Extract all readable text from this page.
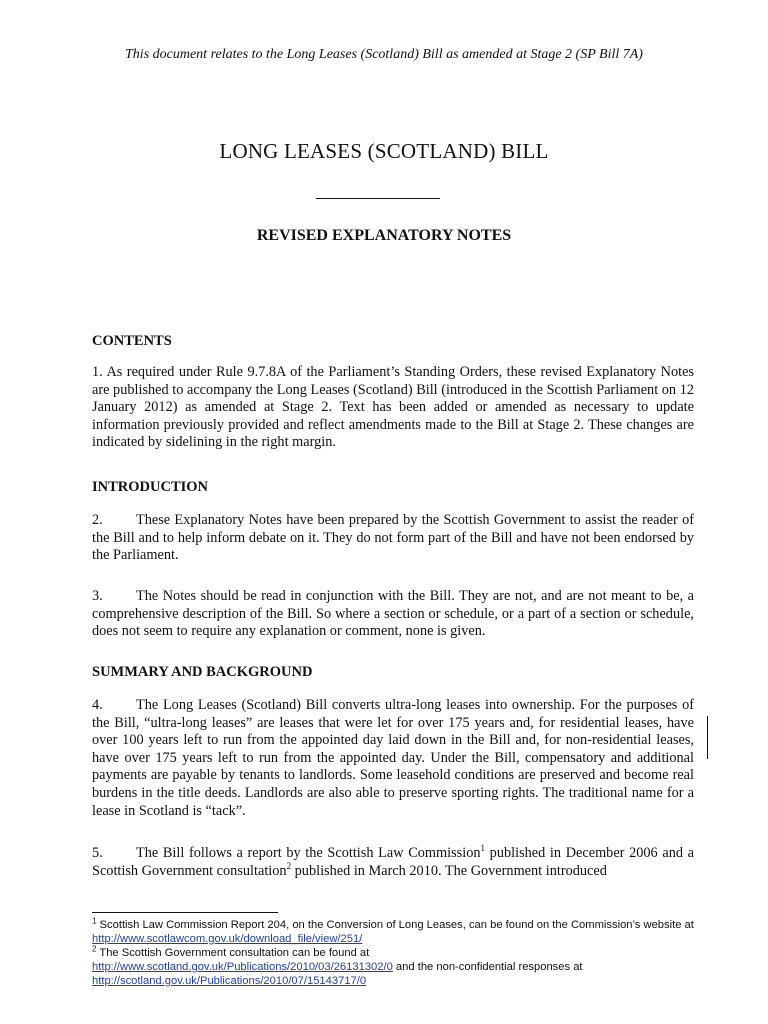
This document relates to the Long Leases (Scotland) Bill as amended at Stage 2 (SP Bill 7A)
LONG LEASES (SCOTLAND) BILL
REVISED EXPLANATORY NOTES
CONTENTS
1. As required under Rule 9.7.8A of the Parliament’s Standing Orders, these revised Explanatory Notes are published to accompany the Long Leases (Scotland) Bill (introduced in the Scottish Parliament on 12 January 2012) as amended at Stage 2. Text has been added or amended as necessary to update information previously provided and reflect amendments made to the Bill at Stage 2. These changes are indicated by sidelining in the right margin.
INTRODUCTION
2. These Explanatory Notes have been prepared by the Scottish Government to assist the reader of the Bill and to help inform debate on it. They do not form part of the Bill and have not been endorsed by the Parliament.
3. The Notes should be read in conjunction with the Bill. They are not, and are not meant to be, a comprehensive description of the Bill. So where a section or schedule, or a part of a section or schedule, does not seem to require any explanation or comment, none is given.
SUMMARY AND BACKGROUND
4. The Long Leases (Scotland) Bill converts ultra-long leases into ownership. For the purposes of the Bill, “ultra-long leases” are leases that were let for over 175 years and, for residential leases, have over 100 years left to run from the appointed day laid down in the Bill and, for non-residential leases, have over 175 years left to run from the appointed day. Under the Bill, compensatory and additional payments are payable by tenants to landlords. Some leasehold conditions are preserved and become real burdens in the title deeds. Landlords are also able to preserve sporting rights. The traditional name for a lease in Scotland is “tack”.
5. The Bill follows a report by the Scottish Law Commission$^1$ published in December 2006 and a Scottish Government consultation$^2$ published in March 2010. The Government introduced
$^1$ Scottish Law Commission Report 204, on the Conversion of Long Leases, can be found on the Commission’s website at http://www.scotlawcom.gov.uk/download_file/view/251/
$^2$ The Scottish Government consultation can be found at
http://www.scotland.gov.uk/Publications/2010/03/26131302/0 and the non-confidential responses at
http://scotland.gov.uk/Publications/2010/07/15143717/0
